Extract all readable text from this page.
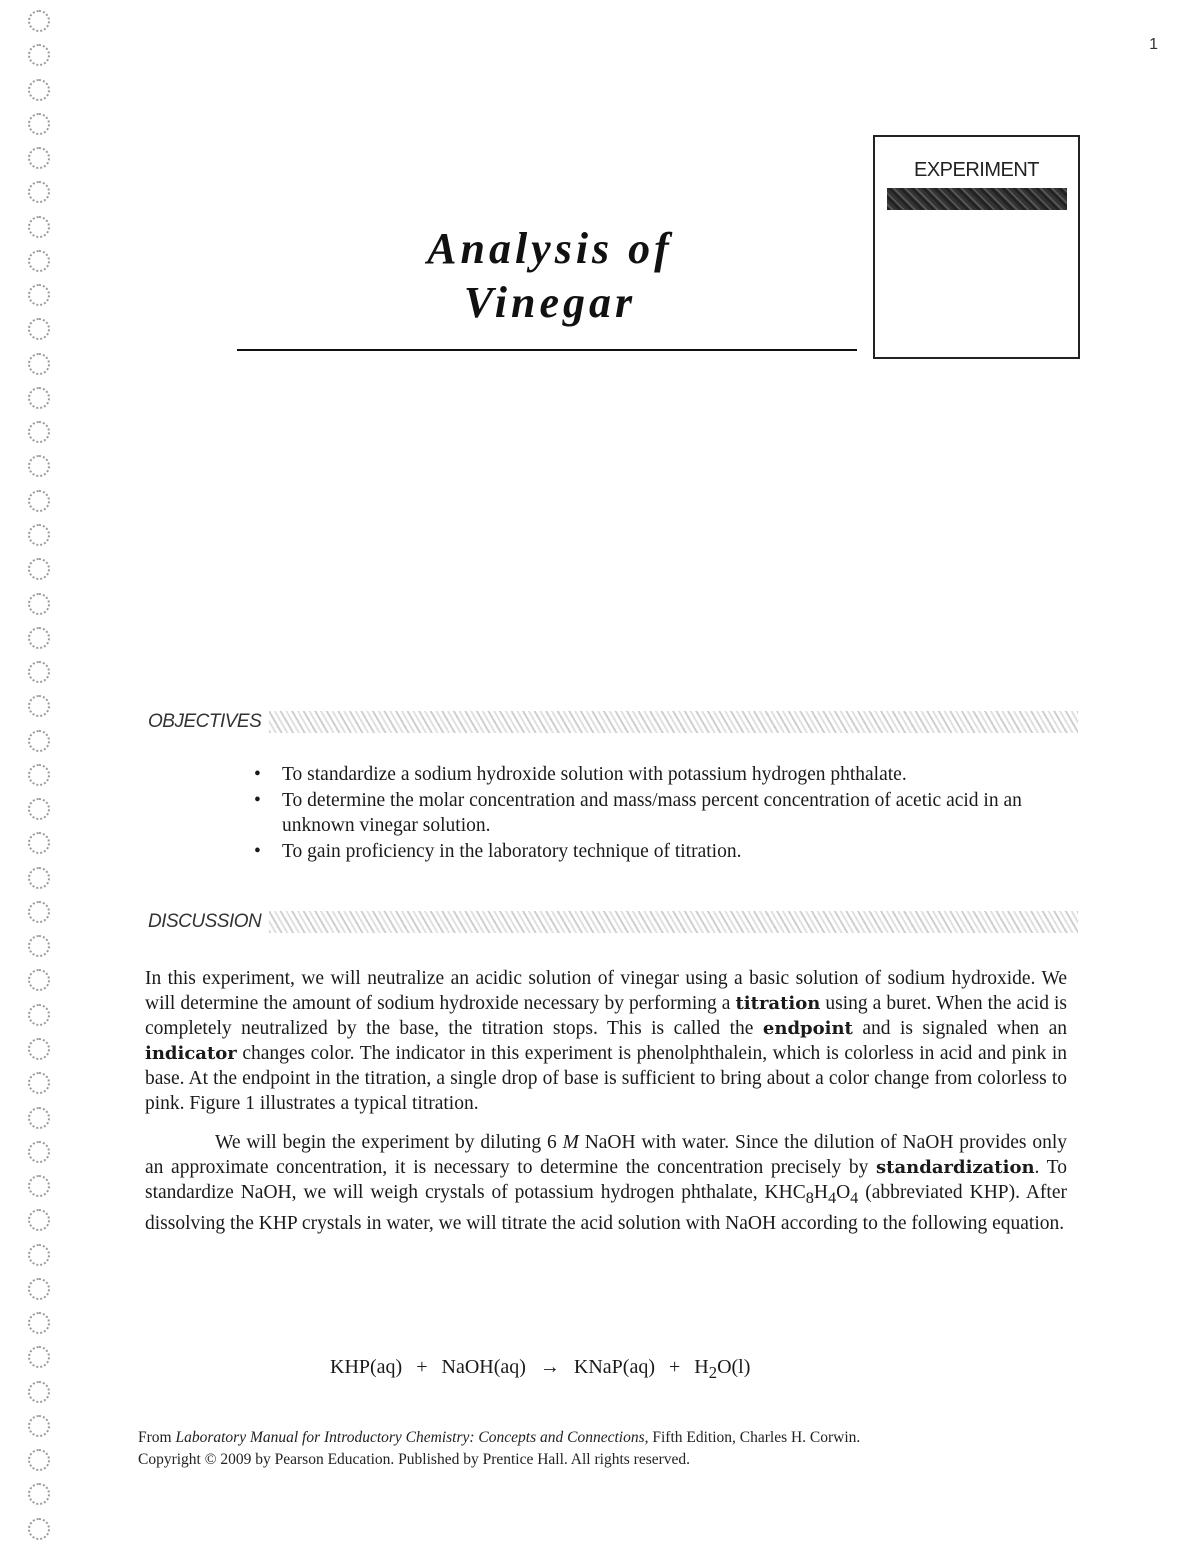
1
EXPERIMENT
Analysis of
Vinegar
OBJECTIVES
• To standardize a sodium hydroxide solution with potassium hydrogen phthalate.
• To determine the molar concentration and mass/mass percent concentration of acetic acid in an unknown vinegar solution.
• To gain proficiency in the laboratory technique of titration.
DISCUSSION

In this experiment, we will neutralize an acidic solution of vinegar using a basic solution of sodium hydroxide. We will determine the amount of sodium hydroxide necessary by performing a titration using a buret. When the acid is completely neutralized by the base, the titration stops. This is called the endpoint and is signaled when an indicator changes color. The indicator in this experiment is phenolphthalein, which is colorless in acid and pink in base. At the endpoint in the titration, a single drop of base is sufficient to bring about a color change from colorless to pink. Figure 1 illustrates a typical titration.

We will begin the experiment by diluting 6 M NaOH with water. Since the dilution of NaOH provides only an approximate concentration, it is necessary to determine the concentration precisely by standardization. To standardize NaOH, we will weigh crystals of potassium hydrogen phthalate, $KHC_8H_4O_4$ (abbreviated KHP). After dissolving the KHP crystals in water, we will titrate the acid solution with NaOH according to the following equation.

KHP(aq) + NaOH(aq) → KNaP(aq) + $H_2O(l)$
From Laboratory Manual for Introductory Chemistry: Concepts and Connections, Fifth Edition, Charles H. Corwin.
Copyright © 2009 by Pearson Education. Published by Prentice Hall. All rights reserved.
